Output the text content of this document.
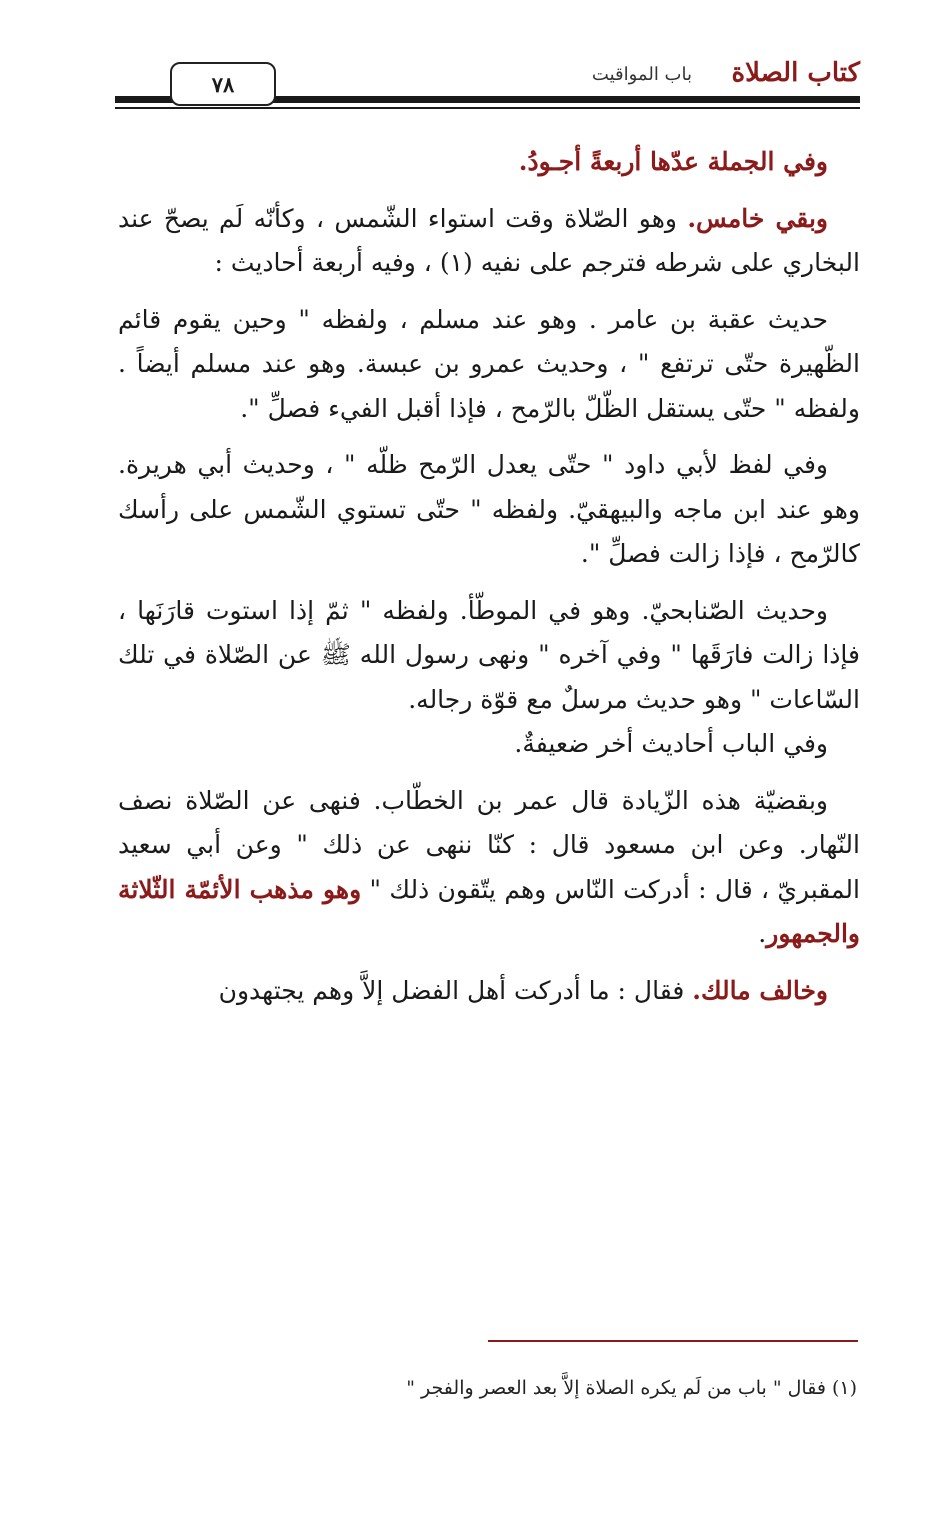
كتاب الصلاة
باب المواقيت
٧٨

وفي الجملة عدّها أربعةً أجـودُ.

وبقي خامس. وهو الصّلاة وقت استواء الشّمس ، وكأنّه لَم يصحّ عند البخاري على شرطه فترجم على نفيه (١) ، وفيه أربعة أحاديث :

حديث عقبة بن عامر . وهو عند مسلم ، ولفظه " وحين يقوم قائم الظّهيرة حتّى ترتفع " ، وحديث عمرو بن عبسة. وهو عند مسلم أيضاً . ولفظه " حتّى يستقل الظّلّ بالرّمح ، فإذا أقبل الفيء فصلِّ ".

وفي لفظ لأبي داود " حتّى يعدل الرّمح ظلّه " ، وحديث أبي هريرة. وهو عند ابن ماجه والبيهقيّ. ولفظه " حتّى تستوي الشّمس على رأسك كالرّمح ، فإذا زالت فصلِّ ".

وحديث الصّنابحيّ. وهو في الموطّأ. ولفظه " ثمّ إذا استوت قارَنَها ، فإذا زالت فارَقَها " وفي آخره " ونهى رسول الله ﷺ عن الصّلاة في تلك السّاعات " وهو حديث مرسلٌ مع قوّة رجاله.

وفي الباب أحاديث أخر ضعيفةٌ.

وبقضيّة هذه الزّيادة قال عمر بن الخطّاب. فنهى عن الصّلاة نصف النّهار. وعن ابن مسعود قال : كنّا ننهى عن ذلك " وعن أبي سعيد المقبريّ ، قال : أدركت النّاس وهم يتّقون ذلك " وهو مذهب الأئمّة الثّلاثة والجمهور.

وخالف مالك. فقال : ما أدركت أهل الفضل إلاَّ وهم يجتهدون

(١) فقال " باب من لَم يكره الصلاة إلاَّ بعد العصر والفجر "
